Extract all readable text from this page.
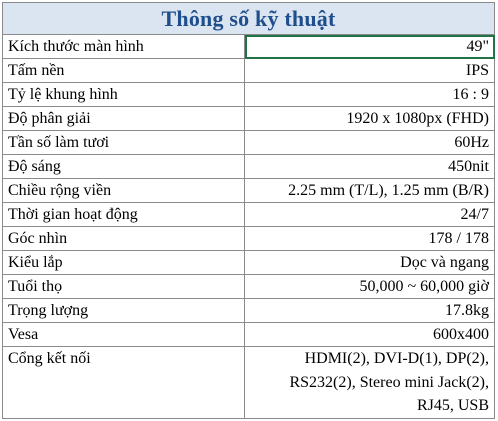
Thông số kỹ thuật
Kích thước màn hình	49"
Tấm nền	IPS
Tỷ lệ khung hình	16 : 9
Độ phân giải	1920 x 1080px (FHD)
Tần số làm tươi	60Hz
Độ sáng	450nit
Chiều rộng viền	2.25 mm (T/L), 1.25 mm (B/R)
Thời gian hoạt động	24/7
Góc nhìn	178 / 178
Kiểu lắp	Dọc và ngang
Tuổi thọ	50,000 ~ 60,000 giờ
Trọng lượng	17.8kg
Vesa	600x400
Cổng kết nối	HDMI(2), DVI-D(1), DP(2),
RS232(2), Stereo mini Jack(2),
RJ45, USB
